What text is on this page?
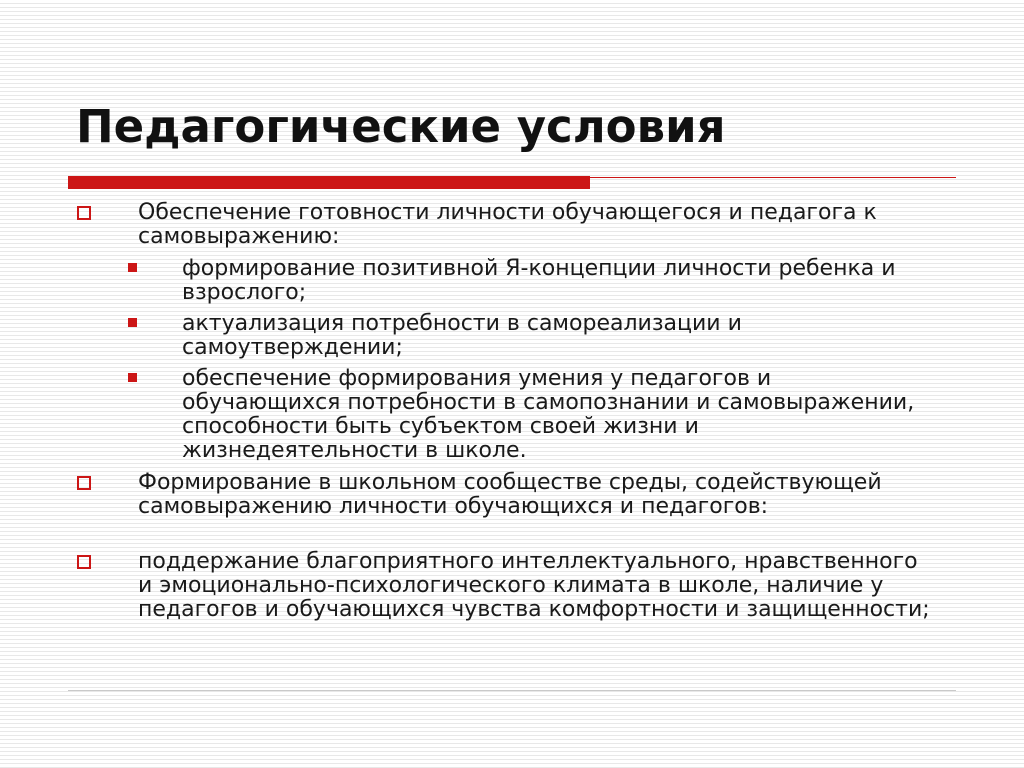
Педагогические условия
Обеспечение готовности личности обучающегося и педагога к самовыражению:
формирование позитивной Я-концепции личности ребенка и взрослого;
актуализация потребности в самореализации и самоутверждении;
обеспечение формирования умения у педагогов и обучающихся потребности в самопознании и самовыражении, способности быть субъектом своей жизни и жизнедеятельности в школе.
Формирование в школьном сообществе среды, содействующей самовыражению личности обучающихся и педагогов:
поддержание благоприятного интеллектуального, нравственного и эмоционально-психологического климата в школе, наличие у педагогов и обучающихся чувства комфортности и защищенности;
